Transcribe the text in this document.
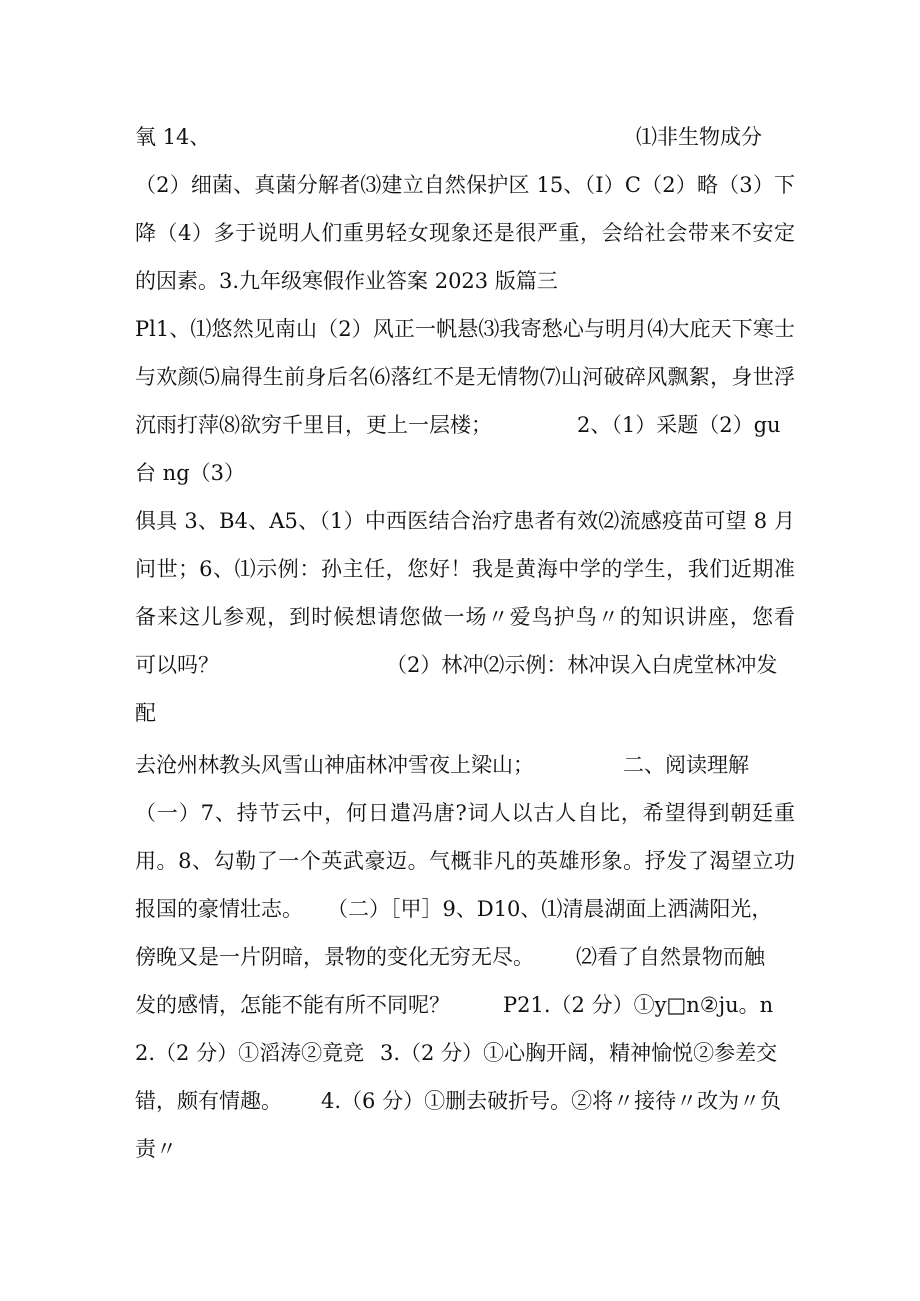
氧 14、	⑴非生物成分
（2）细菌、真菌分解者⑶建立自然保护区 15、（I）C（2）略（3）下
降（4）多于说明人们重男轻女现象还是很严重，会给社会带来不安定
的因素。3.九年级寒假作业答案 2023 版篇三
Pl1、⑴悠然见南山（2）风正一帆悬⑶我寄愁心与明月⑷大庇天下寒士
与欢颜⑸扁得生前身后名⑹落红不是无情物⑺山河破碎风飘絮，身世浮
沉雨打萍⑻欲穷千里目，更上一层楼；	2、（1）采题（2）gu
台 ng（3）
俱具 3、B4、A5、（1）中西医结合治疗患者有效⑵流感疫苗可望 8 月
问世；6、⑴示例：孙主任，您好！我是黄海中学的学生，我们近期准
备来这儿参观，到时候想请您做一场〃爱鸟护鸟〃的知识讲座，您看
可以吗？	（2）林冲⑵示例：林冲误入白虎堂林冲发
配
去沧州林教头风雪山神庙林冲雪夜上梁山；	二、阅读理解
（一）7、持节云中，何日遣冯唐?词人以古人自比，希望得到朝廷重
用。8、勾勒了一个英武豪迈。气概非凡的英雄形象。抒发了渴望立功
报国的豪情壮志。 （二）［甲］9、D10、⑴清晨湖面上洒满阳光，
傍晚又是一片阴暗，景物的变化无穷无尽。 ⑵看了自然景物而触
发的感情，怎能不能有所不同呢？	P21.（2 分）①y□n②ju。n
2.（2 分）①滔涛②竟竞 3.（2 分）①心胸开阔，精神愉悦②参差交
错，颇有情趣。 4.（6 分）①删去破折号。②将〃接待〃改为〃负
责〃
